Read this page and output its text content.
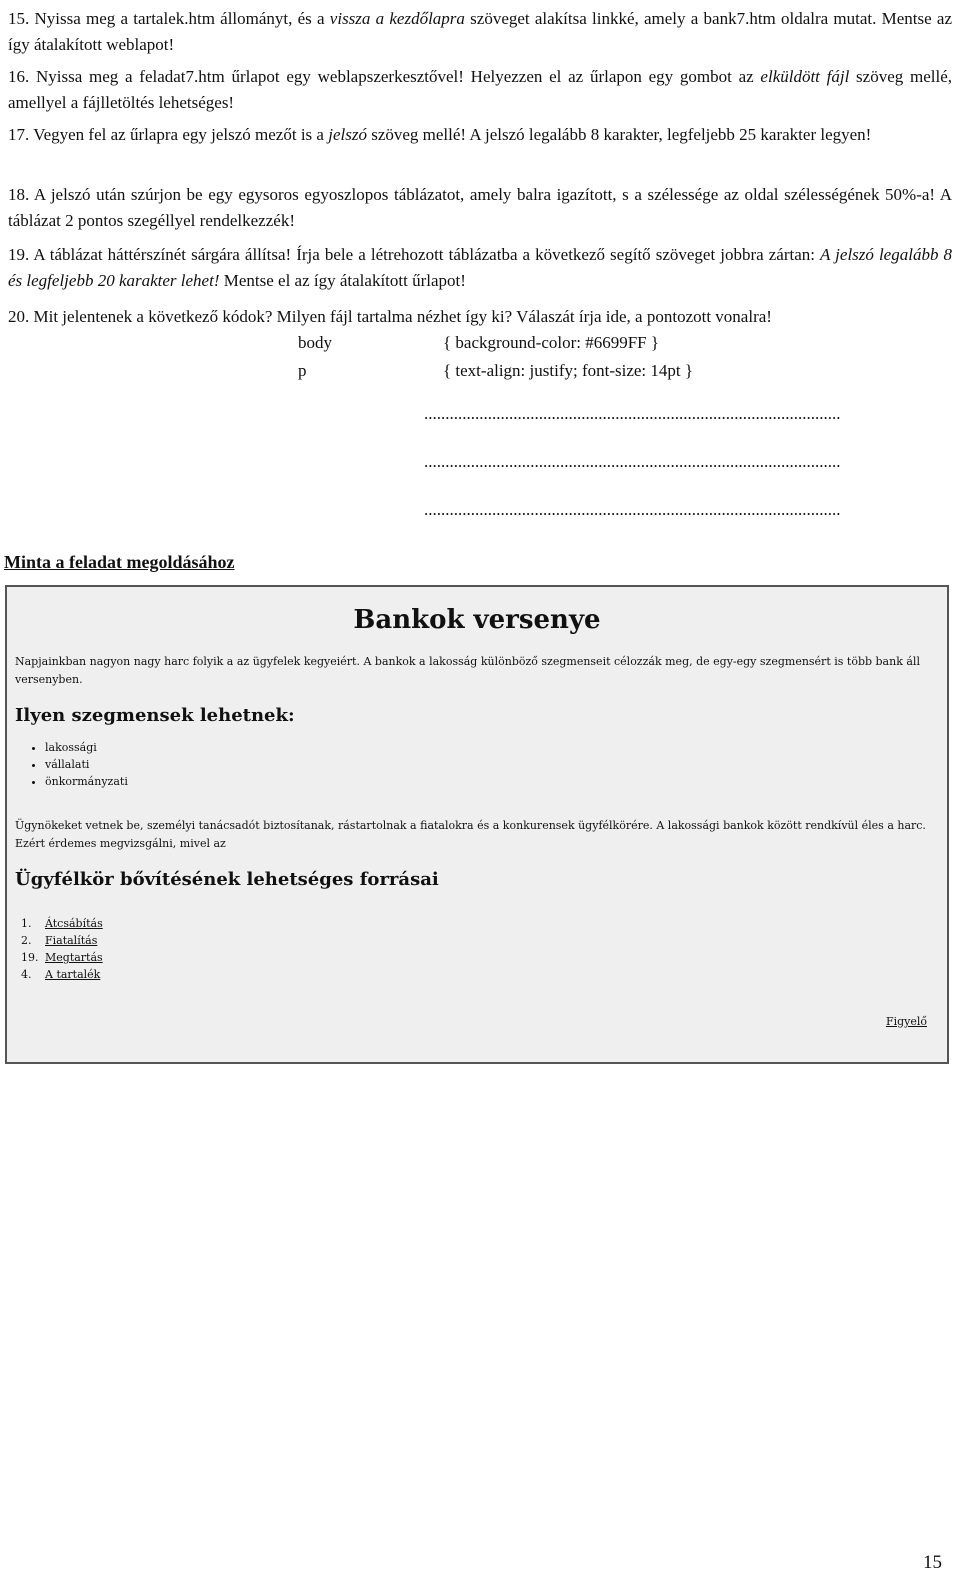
15. Nyissa meg a tartalek.htm állományt, és a vissza a kezdőlapra szöveget alakítsa linkké, amely a bank7.htm oldalra mutat. Mentse az így átalakított weblapot!

16. Nyissa meg a feladat7.htm űrlapot egy weblapszerkesztővel! Helyezzen el az űrlapon egy gombot az elküldött fájl szöveg mellé, amellyel a fájlletöltés lehetséges!

17. Vegyen fel az űrlapra egy jelszó mezőt is a jelszó szöveg mellé! A jelszó legalább 8 karakter, legfeljebb 25 karakter legyen!

18. A jelszó után szúrjon be egy egysoros egyoszlopos táblázatot, amely balra igazított, s a szélessége az oldal szélességének 50%-a! A táblázat 2 pontos szegéllyel rendelkezzék!

19. A táblázat háttérszínét sárgára állítsa! Írja bele a létrehozott táblázatba a következő segítő szöveget jobbra zártan: A jelszó legalább 8 és legfeljebb 20 karakter lehet! Mentse el az így átalakított űrlapot!

20. Mit jelentenek a következő kódok? Milyen fájl tartalma nézhet így ki? Válaszát írja ide, a pontozott vonalra!

body	{ background-color: #6699FF }
p	{ text-align: justify; font-size: 14pt }
..................................................................................................
..................................................................................................
..................................................................................................
Minta a feladat megoldásához
Bankok versenye
Napjainkban nagyon nagy harc folyik a az ügyfelek kegyeiért. A bankok a lakosság különböző szegmenseit célozzák meg, de egy-egy szegmensért is több bank áll versenyben.
Ilyen szegmensek lehetnek:
• lakossági
• vállalati
• önkormányzati
Ügynökeket vetnek be, személyi tanácsadót biztosítanak, rástartolnak a fiatalokra és a konkurensek ügyfélkörére. A lakossági bankok között rendkívül éles a harc. Ezért érdemes megvizsgálni, mivel az
Ügyfélkör bővítésének lehetséges forrásai
1. Átcsábítás
2. Fiatalítás
19. Megtartás
4. A tartalék
Figyelő
15
